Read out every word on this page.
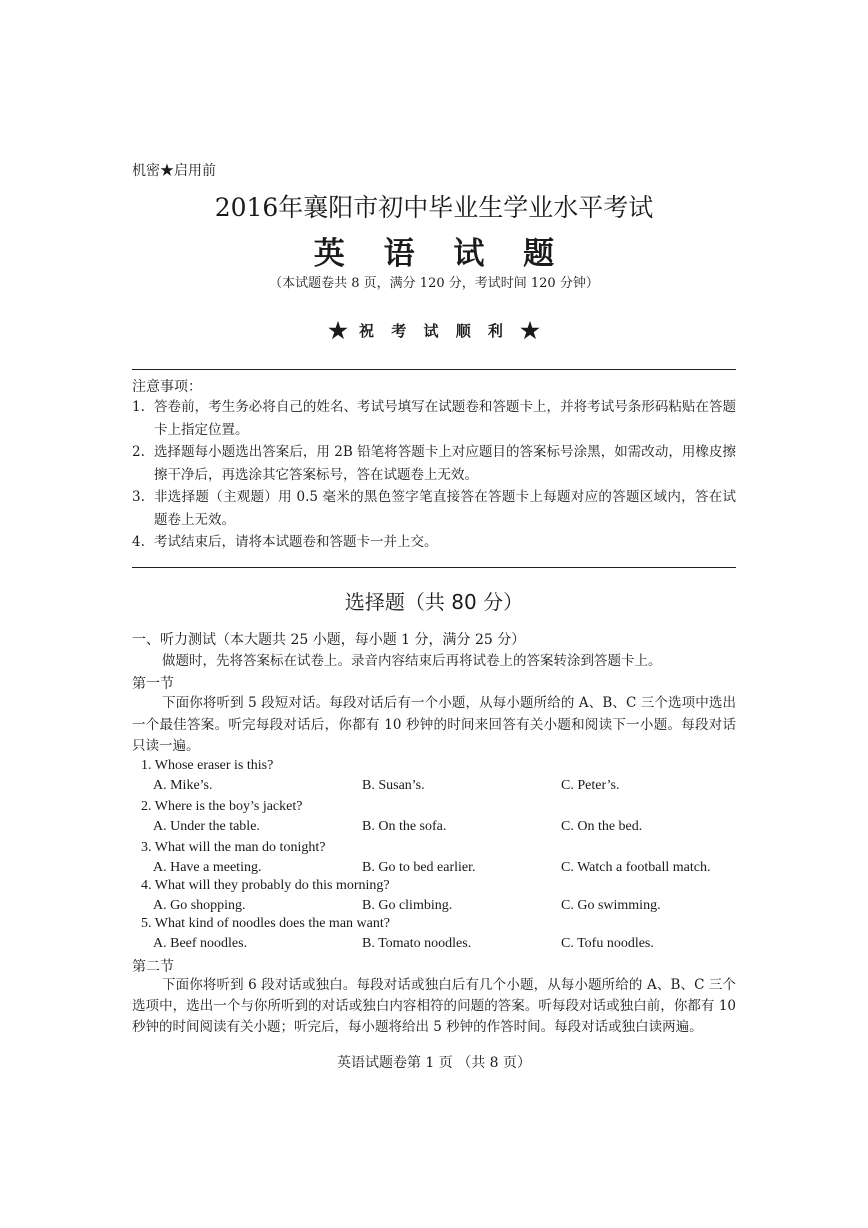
机密★启用前
2016年襄阳市初中毕业生学业水平考试
英 语 试 题
（本试题卷共 8 页，满分 120 分，考试时间 120 分钟）
★ 祝 考 试 顺 利 ★
注意事项：
1. 答卷前，考生务必将自己的姓名、考试号填写在试题卷和答题卡上，并将考试号条形码粘贴在答题卡上指定位置。
2. 选择题每小题选出答案后，用 2B 铅笔将答题卡上对应题目的答案标号涂黑，如需改动，用橡皮擦擦干净后，再选涂其它答案标号，答在试题卷上无效。
3. 非选择题（主观题）用 0.5 毫米的黑色签字笔直接答在答题卡上每题对应的答题区域内，答在试题卷上无效。
4. 考试结束后，请将本试题卷和答题卡一并上交。
选择题（共 80 分）
一、听力测试（本大题共 25 小题，每小题 1 分，满分 25 分）
做题时，先将答案标在试卷上。录音内容结束后再将试卷上的答案转涂到答题卡上。
第一节
下面你将听到 5 段短对话。每段对话后有一个小题，从每小题所给的 A、B、C 三个选项中选出一个最佳答案。听完每段对话后，你都有 10 秒钟的时间来回答有关小题和阅读下一小题。每段对话只读一遍。
1. Whose eraser is this?
A. Mike’s.	B. Susan’s.	C. Peter’s.
2. Where is the boy’s jacket?
A. Under the table.	B. On the sofa.	C. On the bed.
3. What will the man do tonight?
A. Have a meeting.	B. Go to bed earlier.	C. Watch a football match.
4. What will they probably do this morning?
A. Go shopping.	B. Go climbing.	C. Go swimming.
5. What kind of noodles does the man want?
A. Beef noodles.	B. Tomato noodles.	C. Tofu noodles.
第二节
下面你将听到 6 段对话或独白。每段对话或独白后有几个小题，从每小题所给的 A、B、C 三个选项中，选出一个与你所听到的对话或独白内容相符的问题的答案。听每段对话或独白前，你都有 10 秒钟的时间阅读有关小题；听完后，每小题将给出 5 秒钟的作答时间。每段对话或独白读两遍。
英语试题卷第 1 页 （共 8 页）
